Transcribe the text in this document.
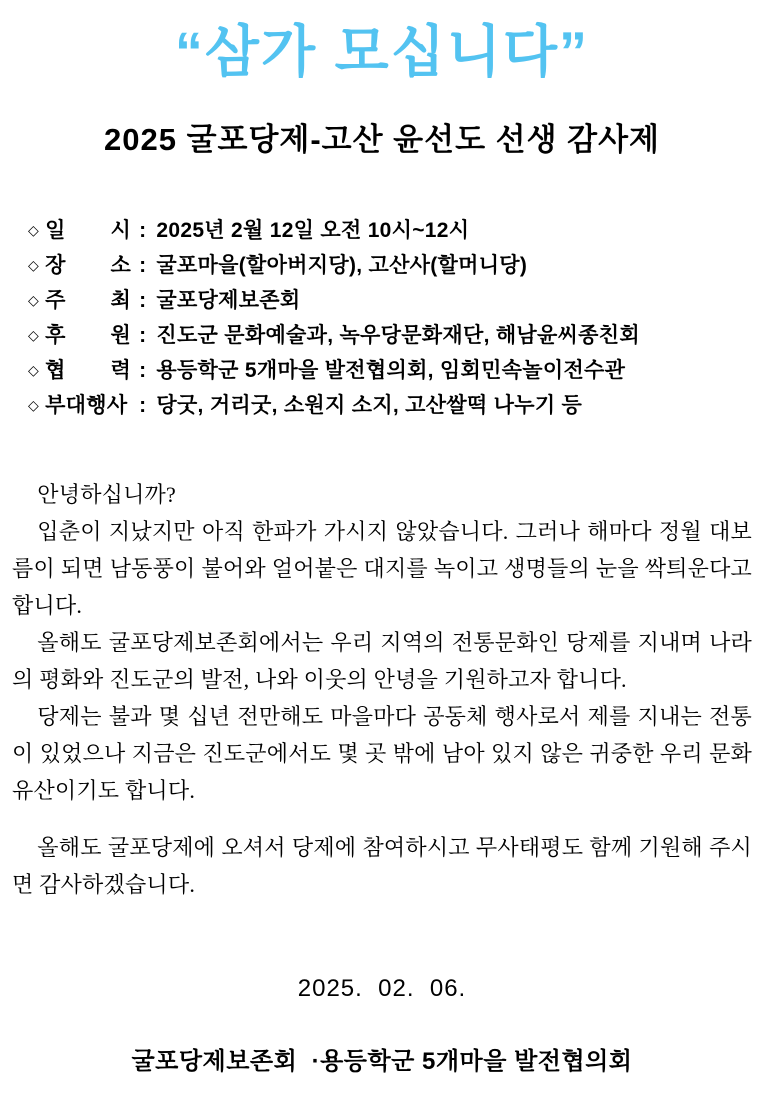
“삼가 모십니다”
2025 굴포당제-고산 윤선도 선생 감사제
◇ 일 시 : 2025년 2월 12일 오전 10시~12시
◇ 장 소 : 굴포마을(할아버지당), 고산사(할머니당)
◇ 주 최 : 굴포당제보존회
◇ 후 원 : 진도군 문화예술과, 녹우당문화재단, 해남윤씨종친회
◇ 협 력 : 용등학군 5개마을 발전협의회, 임회민속놀이전수관
◇ 부대행사 : 당굿, 거리굿, 소원지 소지, 고산쌀떡 나누기 등

안녕하십니까?

입춘이 지났지만 아직 한파가 가시지 않았습니다. 그러나 해마다 정월 대보름이 되면 남동풍이 불어와 얼어붙은 대지를 녹이고 생명들의 눈을 싹틔운다고 합니다.

올해도 굴포당제보존회에서는 우리 지역의 전통문화인 당제를 지내며 나라의 평화와 진도군의 발전, 나와 이웃의 안녕을 기원하고자 합니다.

당제는 불과 몇 십년 전만해도 마을마다 공동체 행사로서 제를 지내는 전통이 있었으나 지금은 진도군에서도 몇 곳 밖에 남아 있지 않은 귀중한 우리 문화유산이기도 합니다.

올해도 굴포당제에 오셔서 당제에 참여하시고 무사태평도 함께 기원해 주시면 감사하겠습니다.

2025.  02.  06.
굴포당제보존회  ·용등학군 5개마을 발전협의회
